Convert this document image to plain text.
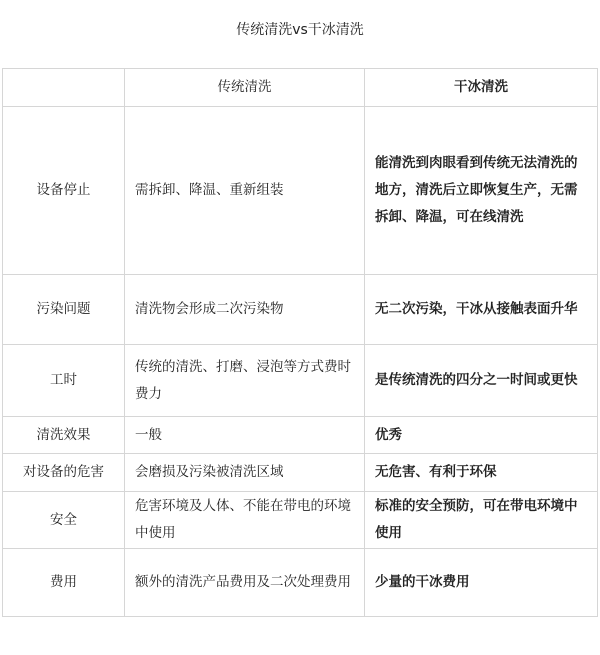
传统清洗vs干冰清洗
	传统清洗	干冰清洗
设备停止	需拆卸、降温、重新组装	能清洗到肉眼看到传统无法清洗的地方，清洗后立即恢复生产，无需拆卸、降温，可在线清洗
污染问题	清洗物会形成二次污染物	无二次污染，干冰从接触表面升华
工时	传统的清洗、打磨、浸泡等方式费时费力	是传统清洗的四分之一时间或更快
清洗效果	一般	优秀
对设备的危害	会磨损及污染被清洗区域	无危害、有利于环保
安全	危害环境及人体、不能在带电的环境中使用	标准的安全预防，可在带电环境中使用
费用	额外的清洗产品费用及二次处理费用	少量的干冰费用
